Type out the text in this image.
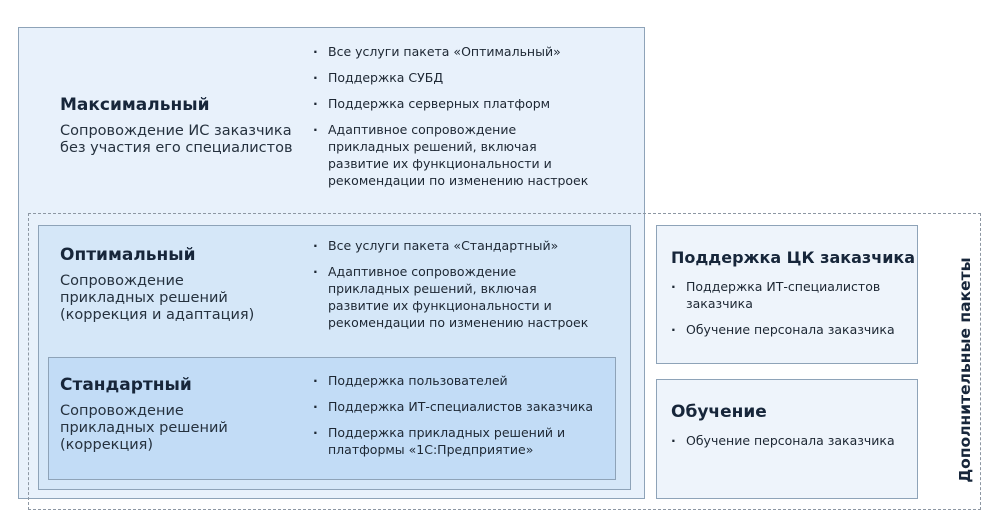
Максимальный

Сопровождение ИС заказчика без участия его специалистов

· Все услуги пакета «Оптимальный»
· Поддержка СУБД
· Поддержка серверных платформ
· Адаптивное сопровождение прикладных решений, включая развитие их функциональности и рекомендации по изменению настроек
Оптимальный

Сопровождение прикладных решений (коррекция и адаптация)

· Все услуги пакета «Стандартный»
· Адаптивное сопровождение прикладных решений, включая развитие их функциональности и рекомендации по изменению настроек
Стандартный

Сопровождение прикладных решений (коррекция)

· Поддержка пользователей
· Поддержка ИТ-специалистов заказчика
· Поддержка прикладных решений и платформы «1С:Предприятие»
Поддержка ЦК заказчика
· Поддержка ИТ-специалистов заказчика
· Обучение персонала заказчика
Обучение
· Обучение персонала заказчика	Дополнительные пакеты
